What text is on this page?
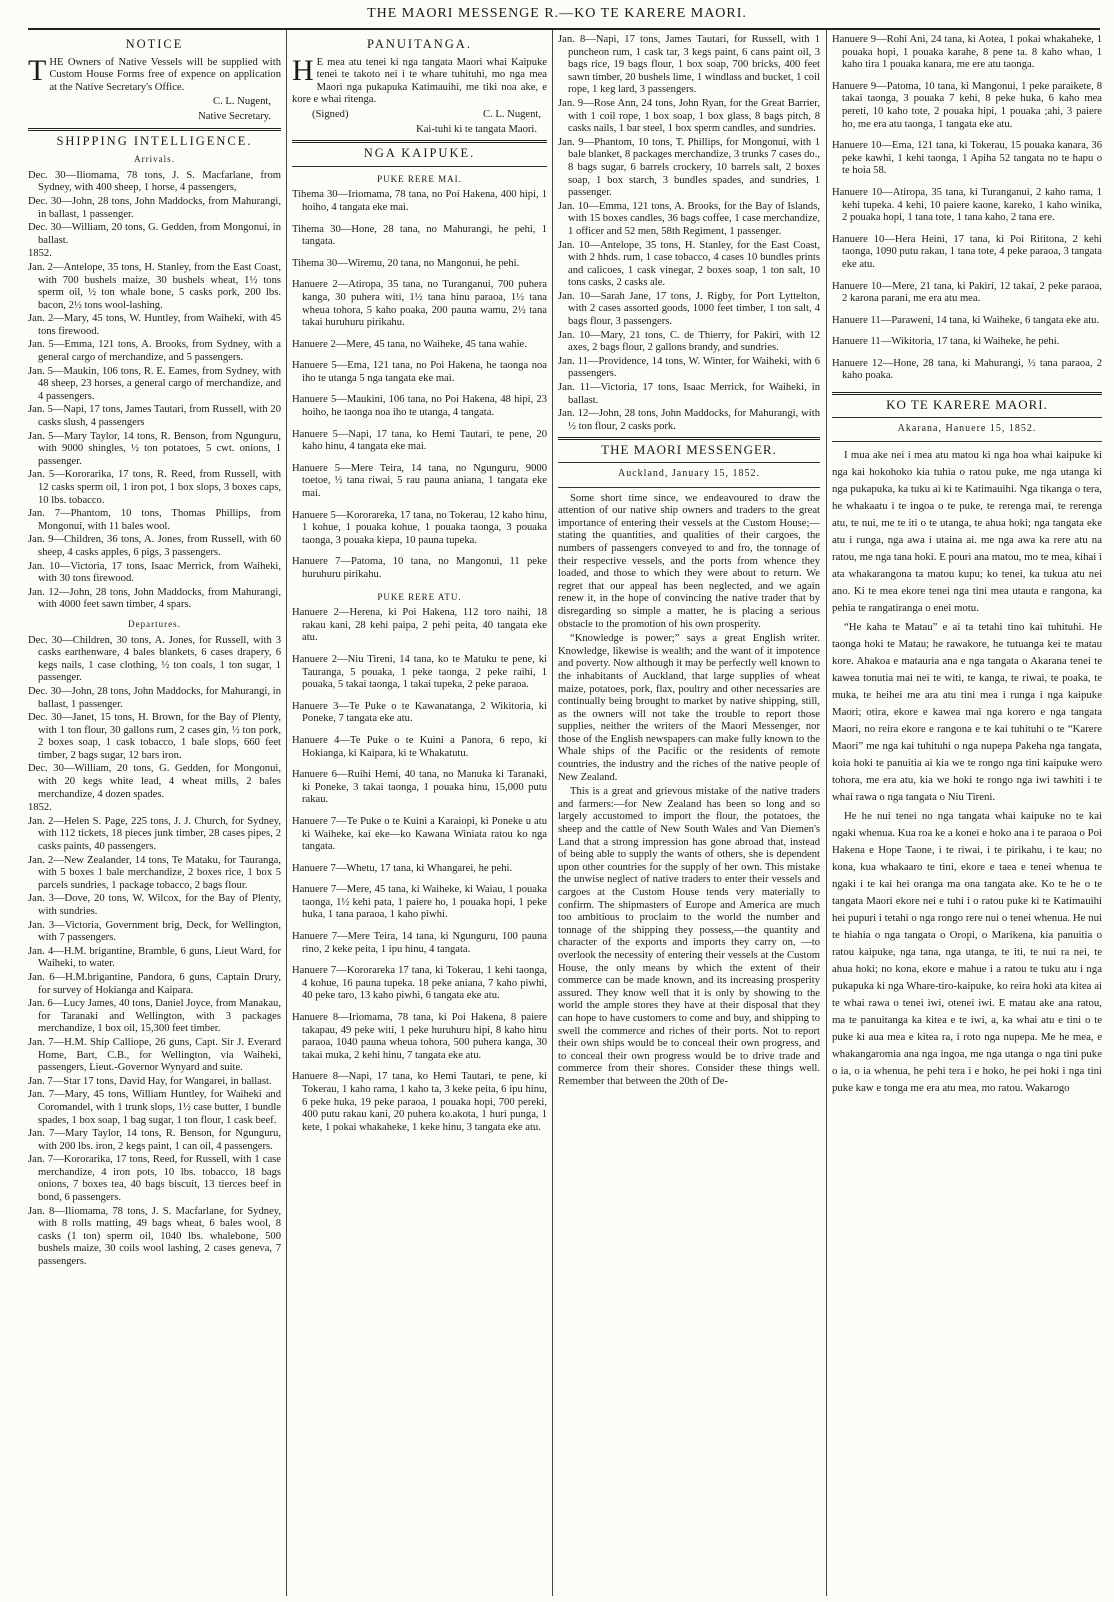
THE MAORI MESSENGE R.—KO TE KARERE MAORI.
NOTICE
THE Owners of Native Vessels will be supplied with Custom House Forms free of expence on application at the Native Secretary's Office.
C. L. Nugent,
Native Secretary.
SHIPPING INTELLIGENCE.
Arrivals.
Dec. 30—Iliomama, 78 tons, J. S. Macfarlane, from Sydney, with 400 sheep, 1 horse, 4 passengers,
Dec. 30—John, 28 tons, John Maddocks, from Mahurangi, in ballast, 1 passenger.
Dec. 30—William, 20 tons, G. Gedden, from Mongonui, in ballast.
1852.
Jan. 2—Antelope, 35 tons, H. Stanley, from the East Coast, with 700 bushels maize, 30 bushels wheat, 1½ tons sperm oil, ½ ton whale bone, 5 casks pork, 200 lbs. bacon, 2½ tons wool-lashing.
Jan. 2—Mary, 45 tons, W. Huntley, from Waiheki, with 45 tons firewood.
Jan. 5—Emma, 121 tons, A. Brooks, from Sydney, with a general cargo of merchandize, and 5 passengers.
Jan. 5—Maukin, 106 tons, R. E. Eames, from Sydney, with 48 sheep, 23 horses, a general cargo of merchandize, and 4 passengers.
Jan. 5—Napi, 17 tons, James Tautari, from Russell, with 20 casks slush, 4 passengers
Jan. 5—Mary Taylor, 14 tons, R. Benson, from Ngunguru, with 9000 shingles, ½ ton potatoes, 5 cwt. onions, 1 passenger.
Jan. 5—Kororarika, 17 tons, R. Reed, from Russell, with 12 casks sperm oil, 1 iron pot, 1 box slops, 3 boxes caps, 10 lbs. tobacco.
Jan. 7—Phantom, 10 tons, Thomas Phillips, from Mongonui, with 11 bales wool.
Jan. 9—Children, 36 tons, A. Jones, from Russell, with 60 sheep, 4 casks apples, 6 pigs, 3 passengers.
Jan. 10—Victoria, 17 tons, Isaac Merrick, from Waiheki, with 30 tons firewood.
Jan. 12—John, 28 tons, John Maddocks, from Mahurangi, with 4000 feet sawn timber, 4 spars.
Departures.
Dec. 30—Children, 30 tons, A. Jones, for Russell, with 3 casks earthenware, 4 bales blankets, 6 cases drapery, 6 kegs nails, 1 case clothing, ½ ton coals, 1 ton sugar, 1 passenger.
Dec. 30—John, 28 tons, John Maddocks, for Mahurangi, in ballast, 1 passenger.
Dec. 30—Janet, 15 tons, H. Brown, for the Bay of Plenty, with 1 ton flour, 30 gallons rum, 2 cases gin, ½ ton pork, 2 boxes soap, 1 cask tobacco, 1 bale slops, 660 feet timber, 2 bags sugar, 12 bars iron.
Dec. 30—William, 20 tons, G. Gedden, for Mongonui, with 20 kegs white lead, 4 wheat mills, 2 bales merchandize, 4 dozen spades.
1852.
Jan. 2—Helen S. Page, 225 tons, J. J. Church, for Sydney, with 112 tickets, 18 pieces junk timber, 28 cases pipes, 2 casks paints, 40 passengers.
Jan. 2—New Zealander, 14 tons, Te Mataku, for Tauranga, with 5 boxes 1 bale merchandize, 2 boxes rice, 1 box 5 parcels sundries, 1 package tobacco, 2 bags flour.
Jan. 3—Dove, 20 tons, W. Wilcox, for the Bay of Plenty, with sundries.
Jan. 3—Victoria, Government brig, Deck, for Wellington, with 7 passengers.
Jan. 4—H.M. brigantine, Bramble, 6 guns, Lieut Ward, for Waiheki, to water.
Jan. 6—H.M.brigantine, Pandora, 6 guns, Captain Drury, for survey of Hokianga and Kaipara.
Jan. 6—Lucy James, 40 tons, Daniel Joyce, from Manakau, for Taranaki and Wellington, with 3 packages merchandize, 1 box oil, 15,300 feet timber.
Jan. 7—H.M. Ship Calliope, 26 guns, Capt. Sir J. Everard Home, Bart, C.B., for Wellington, via Waiheki, passengers, Lieut.-Governor Wynyard and suite.
Jan. 7—Star 17 tons, David Hay, for Wangarei, in ballast.
Jan. 7—Mary, 45 tons, William Huntley, for Waiheki and Coromandel, with 1 trunk slops, 1½ case butter, 1 bundle spades, 1 box soap, 1 bag sugar, 1 ton flour, 1 cask beef.
Jan. 7—Mary Taylor, 14 tons, R. Benson, for Ngunguru, with 200 lbs. iron, 2 kegs paint, 1 can oil, 4 passengers.
Jan. 7—Kororarika, 17 tons, Reed, for Russell, with 1 case merchandize, 4 iron pots, 10 lbs. tobacco, 18 bags onions, 7 boxes tea, 40 bags biscuit, 13 tierces beef in bond, 6 passengers.
Jan. 8—Iliomama, 78 tons, J. S. Macfarlane, for Sydney, with 8 rolls matting, 49 bags wheat, 6 bales wool, 8 casks (1 ton) sperm oil, 1040 lbs. whalebone, 500 bushels maize, 30 coils wool lashing, 2 cases geneva, 7 passengers.
PANUITANGA.
H E mea atu tenei ki nga tangata Maori whai Kaipuke tenei te takoto nei i te whare tuhituhi, mo nga mea Maori nga pukapuka Katimauihi, me tiki noa ake, e kore e whai ritenga.
(Signed)	C. L. Nugent,
Kai-tuhi ki te tangata Maori.
NGA KAIPUKE.
PUKE RERE MAI.
Tihema 30—Iriomama, 78 tana, no Poi Hakena, 400 hipi, 1 hoiho, 4 tangata eke mai.
Tihema 30—Hone, 28 tana, no Mahurangi, he pehi, 1 tangata.
Tihema 30—Wiremu, 20 tana, no Mangonui, he pehi.
Hanuere 2—Atiropa, 35 tana, no Turanganui, 700 puhera kanga, 30 puhera witi, 1½ tana hinu paraoa, 1½ tana wheua tohora, 5 kaho poaka, 200 pauna wamu, 2½ tana takai huruhuru pirikahu.
Hanuere 2—Mere, 45 tana, no Waiheke, 45 tana wahie.
Hanuere 5—Ema, 121 tana, no Poi Hakena, he taonga noa iho te utanga 5 nga tangata eke mai.
Hanuere 5—Maukini, 106 tana, no Poi Hakena, 48 hipi, 23 hoiho, he taonga noa iho te utanga, 4 tangata.
Hanuere 5—Napi, 17 tana, ko Hemi Tautari, te pene, 20 kaho hinu, 4 tangata eke mai.
Hanuere 5—Mere Teira, 14 tana, no Ngunguru, 9000 toetoe, ½ tana riwai, 5 rau pauna aniana, 1 tangata eke mai.
Hanuere 5—Kororareka, 17 tana, no Tokerau, 12 kaho hinu, 1 kohue, 1 pouaka kohue, 1 pouaka taonga, 3 pouaka taonga, 3 pouaka kiepa, 10 pauna tupeka.
Hanuere 7—Patoma, 10 tana, no Mangonui, 11 peke huruhuru pirikahu.
PUKE RERE ATU.
Hanuere 2—Herena, ki Poi Hakena, 112 toro naihi, 18 rakau kani, 28 kehi paipa, 2 pehi peita, 40 tangata eke atu.
Hanuere 2—Niu Tireni, 14 tana, ko te Matuku te pene, ki Tauranga, 5 pouaka, 1 peke taonga, 2 peke raihi, 1 pouaka, 5 takai taonga, 1 takai tupeka, 2 peke paraoa.
Hanuere 3—Te Puke o te Kawanatanga, 2 Wikitoria, ki Poneke, 7 tangata eke atu.
Hanuere 4—Te Puke o te Kuini a Panora, 6 repo, ki Hokianga, ki Kaipara, ki te Whakatutu.
Hanuere 6—Ruihi Hemi, 40 tana, no Manuka ki Taranaki, ki Poneke, 3 takai taonga, 1 pouaka hinu, 15,000 putu rakau.
Hanuere 7—Te Puke o te Kuini a Karaiopi, ki Poneke u atu ki Waiheke, kai eke—ko Kawana Winiata ratou ko nga tangata.
Hanuere 7—Whetu, 17 tana, ki Whangarei, he pehi.
Hanuere 7—Mere, 45 tana, ki Waiheke, ki Waiau, 1 pouaka taonga, 1½ kehi pata, 1 paiere ho, 1 pouaka hopi, 1 peke huka, 1 tana paraoa, 1 kaho piwhi.
Hanuere 7—Mere Teira, 14 tana, ki Ngunguru, 100 pauna rino, 2 keke peita, 1 ipu hinu, 4 tangata.
Hanuere 7—Kororareka 17 tana, ki Tokerau, 1 kehi taonga, 4 kohue, 16 pauna tupeka. 18 peke aniana, 7 kaho piwhi, 40 peke taro, 13 kaho piwhi, 6 tangata eke atu.
Hanuere 8—Iriomama, 78 tana, ki Poi Hakena, 8 paiere takapau, 49 peke witi, 1 peke huruhuru hipi, 8 kaho hinu paraoa, 1040 pauna wheua tohora, 500 puhera kanga, 30 takai muka, 2 kehi hinu, 7 tangata eke atu.
Hanuere 8—Napi, 17 tana, ko Hemi Tautari, te pene, ki Tokerau, 1 kaho rama, 1 kaho ta, 3 keke peita, 6 ipu hinu, 6 peke huka, 19 peke paraoa, 1 pouaka hopi, 700 pereki, 400 putu rakau kani, 20 puhera ko.akota, 1 huri punga, 1 kete, 1 pokai whakaheke, 1 keke hinu, 3 tangata eke atu.
Jan. 8—Napi, 17 tons, James Tautari, for Russell, with 1 puncheon rum, 1 cask tar, 3 kegs paint, 6 cans paint oil, 3 bags rice, 19 bags flour, 1 box soap, 700 bricks, 400 feet sawn timber, 20 bushels lime, 1 windlass and bucket, 1 coil rope, 1 keg lard, 3 passengers.
Jan. 9—Rose Ann, 24 tons, John Ryan, for the Great Barrier, with 1 coil rope, 1 box soap, 1 box glass, 8 bags pitch, 8 casks nails, 1 bar steel, 1 box sperm candles, and sundries.
Jan. 9—Phantom, 10 tons, T. Phillips, for Mongonui, with 1 bale blanket, 8 packages merchandize, 3 trunks 7 cases do., 8 bags sugar, 6 barrels crockery, 10 barrels salt, 2 boxes soap, 1 box starch, 3 bundles spades, and sundries, 1 passenger.
Jan. 10—Emma, 121 tons, A. Brooks, for the Bay of Islands, with 15 boxes candles, 36 bags coffee, 1 case merchandize, 1 officer and 52 men, 58th Regiment, 1 passenger.
Jan. 10—Antelope, 35 tons, H. Stanley, for the East Coast, with 2 hhds. rum, 1 case tobacco, 4 cases 10 bundles prints and calicoes, 1 cask vinegar, 2 boxes soap, 1 ton salt, 10 tons casks, 2 casks ale.
Jan. 10—Sarah Jane, 17 tons, J. Rigby, for Port Lyttelton, with 2 cases assorted goods, 1000 feet timber, 1 ton salt, 4 bags flour, 3 passengers.
Jan. 10—Mary, 21 tons, C. de Thierry, for Pakiri, with 12 axes, 2 bags flour, 2 gallons brandy, and sundries.
Jan. 11—Providence, 14 tons, W. Winter, for Waiheki, with 6 passengers.
Jan. 11—Victoria, 17 tons, Isaac Merrick, for Waiheki, in ballast.
Jan. 12—John, 28 tons, John Maddocks, for Mahurangi, with ½ ton flour, 2 casks pork.
THE MAORI MESSENGER.
Auckland, January 15, 1852.
Some short time since, we endeavoured to draw the attention of our native ship owners and traders to the great importance of entering their vessels at the Custom House;—stating the quantities, and qualities of their cargoes, the numbers of passengers conveyed to and fro, the tonnage of their respective vessels, and the ports from whence they loaded, and those to which they were about to return. We regret that our appeal has been neglected, and we again renew it, in the hope of convincing the native trader that by disregarding so simple a matter, he is placing a serious obstacle to the promotion of his own prosperity.
“Knowledge is power;” says a great English writer. Knowledge, likewise is wealth; and the want of it impotence and poverty. Now although it may be perfectly well known to the inhabitants of Auckland, that large supplies of wheat maize, potatoes, pork, flax, poultry and other necessaries are continually being brought to market by native shipping, still, as the owners will not take the trouble to report those supplies, neither the writers of the Maori Messenger, nor those of the English newspapers can make fully known to the Whale ships of the Pacific or the residents of remote countries, the industry and the riches of the native people of New Zealand.
This is a great and grievous mistake of the native traders and farmers:—for New Zealand has been so long and so largely accustomed to import the flour, the potatoes, the sheep and the cattle of New South Wales and Van Diemen's Land that a strong impression has gone abroad that, instead of being able to supply the wants of others, she is dependent upon other countries for the supply of her own. This mistake the unwise neglect of native traders to enter their vessels and cargoes at the Custom House tends very materially to confirm. The shipmasters of Europe and America are much too ambitious to proclaim to the world the number and tonnage of the shipping they possess,—the quantity and character of the exports and imports they carry on, —to overlook the necessity of entering their vessels at the Custom House, the only means by which the extent of their commerce can be made known, and its increasing prosperity assured. They know well that it is only by showing to the world the ample stores they have at their disposal that they can hope to have customers to come and buy, and shipping to swell the commerce and riches of their ports. Not to report their own ships would be to conceal their own progress, and to conceal their own progress would be to drive trade and commerce from their shores. Consider these things well. Remember that between the 20th of De-
Hanuere 9—Rohi Ani, 24 tana, ki Aotea, 1 pokai whakaheke, 1 pouaka hopi, 1 pouaka karahe, 8 pene ta. 8 kaho whao, 1 kaho tira 1 pouaka kanara, me ere atu taonga.
Hanuere 9—Patoma, 10 tana, ki Mangonui, 1 peke paraikete, 8 takai taonga, 3 pouaka 7 kehi, 8 peke huka, 6 kaho mea pereti, 10 kaho tote, 2 pouaka hipi, 1 pouaka ;ahi, 3 paiere ho, me era atu taonga, 1 tangata eke atu.
Hanuere 10—Ema, 121 tana, ki Tokerau, 15 pouaka kanara, 36 peke kawhi, 1 kehi taonga, 1 Apiha 52 tangata no te hapu o te hoia 58.
Hanuere 10—Atiropa, 35 tana, ki Turanganui, 2 kaho rama, 1 kehi tupeka. 4 kehi, 10 paiere kaone, kareko, 1 kaho winika, 2 pouaka hopi, 1 tana tote, 1 tana kaho, 2 tana ere.
Hanuere 10—Hera Heini, 17 tana, ki Poi Rititona, 2 kehi taonga, 1090 putu rakau, 1 tana tote, 4 peke paraoa, 3 tangata eke atu.
Hanuere 10—Mere, 21 tana, ki Pakiri, 12 takai, 2 peke paraoa, 2 karona parani, me era atu mea.
Hanuere 11—Paraweni, 14 tana, ki Waiheke, 6 tangata eke atu.
Hanuere 11—Wikitoria, 17 tana, ki Waiheke, he pehi.
Hanuere 12—Hone, 28 tana, ki Mahurangi, ½ tana paraoa, 2 kaho poaka.
KO TE KARERE MAORI.
Akarana, Hanuere 15, 1852.
I mua ake nei i mea atu matou ki nga hoa whai kaipuke ki nga kai hokohoko kia tuhia o ratou puke, me nga utanga ki nga pukapuka, ka tuku ai ki te Katimauihi. Nga tikanga o tera, he whakaatu i te ingoa o te puke, te rerenga mai, te rerenga atu, te nui, me te iti o te utanga, te ahua hoki; nga tangata eke atu i runga, nga awa i utaina ai. me nga awa ka rere atu na ratou, me nga tana hoki. E pouri ana matou, mo te mea, kihai i ata whakarangona ta matou kupu; ko tenei, ka tukua atu nei ano. Ki te mea ekore tenei nga tini mea utauta e rangona, ka pehia te rangatiranga o enei motu.
“He kaha te Matau” e ai ta tetahi tino kai tuhituhi. He taonga hoki te Matau; he rawakore, he tutuanga kei te matau kore. Ahakoa e matauria ana e nga tangata o Akarana tenei te kawea tonutia mai nei te witi, te kanga, te riwai, te poaka, te muka, te heihei me ara atu tini mea i runga i nga kaipuke Maori; otira, ekore e kawea mai nga korero e nga tangata Maori, no reira ekore e rangona e te kai tuhituhi o te “Karere Maori” me nga kai tuhituhi o nga nupepa Pakeha nga tangata, koia hoki te panuitia ai kia we te rongo nga tini kaipuke wero tohora, me era atu, kia we hoki te rongo nga iwi tawhiti i te whai rawa o nga tangata o Niu Tireni.
He he nui tenei no nga tangata whai kaipuke no te kai ngaki whenua. Kua roa ke a konei e hoko ana i te paraoa o Poi Hakena e Hope Taone, i te riwai, i te pirikahu, i te kau; no kona, kua whakaaro te tini, ekore e taea e tenei whenua te ngaki i te kai hei oranga ma ona tangata ake. Ko te he o te tangata Maori ekore nei e tuhi i o ratou puke ki te Katimauihi hei pupuri i tetahi o nga rongo rere nui o tenei whenua. He nui te hiahia o nga tangata o Oropi, o Marikena, kia panuitia o ratou kaipuke, nga tana, nga utanga, te iti, te nui ra nei, te ahua hoki; no kona, ekore e mahue i a ratou te tuku atu i nga pukapuka ki nga Whare-tiro-kaipuke, ko reira hoki ata kitea ai te whai rawa o tenei iwi, otenei iwi. E matau ake ana ratou, ma te panuitanga ka kitea e te iwi, a, ka whai atu e tini o te puke ki aua mea e kitea ra, i roto nga nupepa. Me he mea, e whakangaromia ana nga ingoa, me nga utanga o nga tini puke o ia, o ia whenua, he pehi tera i e hoko, he pei hoki i nga tini puke kaw e tonga me era atu mea, mo ratou. Wakarogo
